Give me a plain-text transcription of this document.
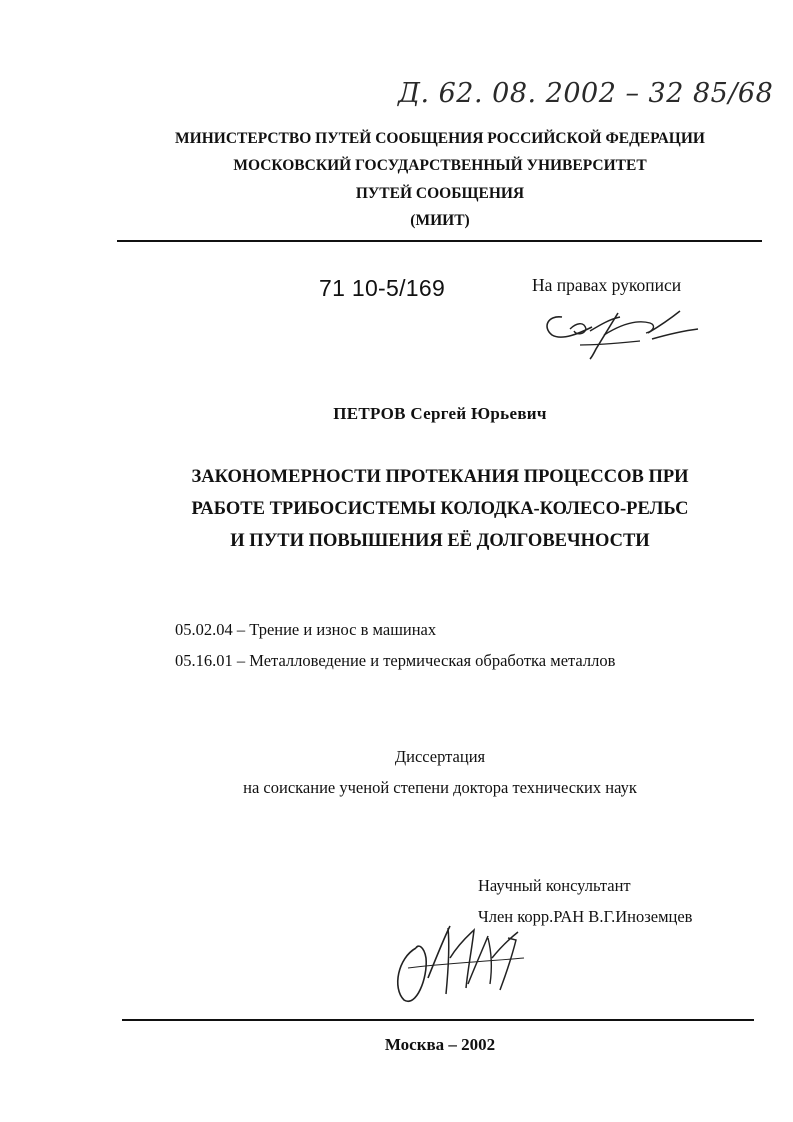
Д. 62. 08. 2002 – 32 85/68
МИНИСТЕРСТВО ПУТЕЙ СООБЩЕНИЯ РОССИЙСКОЙ ФЕДЕРАЦИИ
МОСКОВСКИЙ ГОСУДАРСТВЕННЫЙ УНИВЕРСИТЕТ
ПУТЕЙ СООБЩЕНИЯ
(МИИТ)
71 10-5/169	На правах рукописи
ПЕТРОВ Сергей Юрьевич
ЗАКОНОМЕРНОСТИ ПРОТЕКАНИЯ ПРОЦЕССОВ ПРИ
РАБОТЕ ТРИБОСИСТЕМЫ КОЛОДКА-КОЛЕСО-РЕЛЬС
И ПУТИ ПОВЫШЕНИЯ ЕЁ ДОЛГОВЕЧНОСТИ
05.02.04 – Трение и износ в машинах
05.16.01 – Металловедение и термическая обработка металлов
Диссертация
на соискание ученой степени доктора технических наук
Научный консультант
Член корр.РАН В.Г.Иноземцев
Москва – 2002
